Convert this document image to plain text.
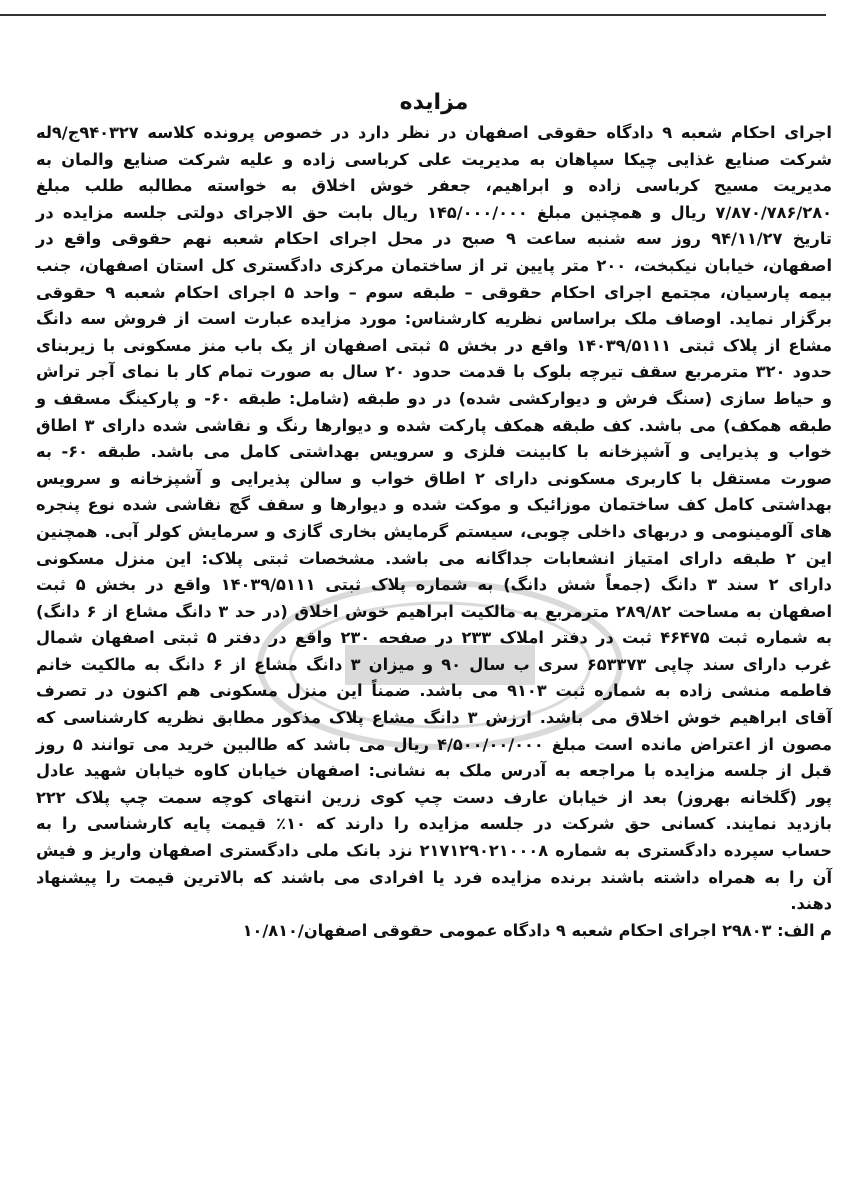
مزایده

اجرای احکام شعبه ۹ دادگاه حقوقی اصفهان در نظر دارد در خصوص پرونده کلاسه ۹۴۰۳۲۷ج/۹له شرکت صنایع غذایی چیکا سپاهان به مدیریت علی کرباسی زاده و علیه شرکت صنایع والمان به مدیریت مسیح کرباسی زاده و ابراهیم، جعفر خوش اخلاق به خواسته مطالبه طلب مبلغ ۷/۸۷۰/۷۸۶/۲۸۰ ریال و همچنین مبلغ ۱۴۵/۰۰۰/۰۰۰ ریال بابت حق الاجرای دولتی جلسه مزایده در تاریخ ۹۴/۱۱/۲۷ روز سه شنبه ساعت ۹ صبح در محل اجرای احکام شعبه نهم حقوقی واقع در اصفهان، خیابان نیکبخت، ۲۰۰ متر پایین تر از ساختمان مرکزی دادگستری کل استان اصفهان، جنب بیمه پارسیان، مجتمع اجرای احکام حقوقی – طبقه سوم – واحد ۵ اجرای احکام شعبه ۹ حقوقی برگزار نماید. اوصاف ملک براساس نظریه کارشناس: مورد مزایده عبارت است از فروش سه دانگ مشاع از پلاک ثبتی ۱۴۰۳۹/۵۱۱۱ واقع در بخش ۵ ثبتی اصفهان از یک باب منز مسکونی با زیربنای حدود ۳۲۰ مترمربع سقف تیرچه بلوک با قدمت حدود ۲۰ سال به صورت تمام کار با نمای آجر تراش و حیاط سازی (سنگ فرش و دیوارکشی شده) در دو طبقه (شامل: طبقه ۶۰- و پارکینگ مسقف و طبقه همکف) می باشد. کف طبقه همکف پارکت شده و دیوارها رنگ و نقاشی شده دارای ۳ اطاق خواب و پذیرایی و آشپزخانه با کابینت فلزی و سرویس بهداشتی کامل می باشد. طبقه ۶۰- به صورت مستقل با کاربری مسکونی دارای ۲ اطاق خواب و سالن پذیرایی و آشپزخانه و سرویس بهداشتی کامل کف ساختمان موزائیک و موکت شده و دیوارها و سقف گچ نقاشی شده نوع پنجره های آلومینومی و دربهای داخلی چوبی، سیستم گرمایش بخاری گازی و سرمایش کولر آبی. همچنین این ۲ طبقه دارای امتیاز انشعابات جداگانه می باشد. مشخصات ثبتی پلاک: این منزل مسکونی دارای ۲ سند ۳ دانگ (جمعاً شش دانگ) به شماره پلاک ثبتی ۱۴۰۳۹/۵۱۱۱ واقع در بخش ۵ ثبت اصفهان به مساحت ۲۸۹/۸۲ مترمربع به مالکیت ابراهیم خوش اخلاق (در حد ۳ دانگ مشاع از ۶ دانگ) به شماره ثبت ۴۶۴۷۵ ثبت در دفتر املاک ۲۳۳ در صفحه ۲۳۰ واقع در دفتر ۵ ثبتی اصفهان شمال غرب دارای سند چاپی ۶۵۳۳۷۳ سری ب سال ۹۰ و میزان ۳ دانگ مشاع از ۶ دانگ به مالکیت خانم فاطمه منشی زاده به شماره ثبت ۹۱۰۳ می باشد. ضمناً این منزل مسکونی هم اکنون در تصرف آقای ابراهیم خوش اخلاق می باشد. ارزش ۳ دانگ مشاع پلاک مذکور مطابق نظریه کارشناسی که مصون از اعتراض مانده است مبلغ ۴/۵۰۰/۰۰/۰۰۰ ریال می باشد که طالبین خرید می توانند ۵ روز قبل از جلسه مزایده با مراجعه به آدرس ملک به نشانی: اصفهان خیابان کاوه خیابان شهید عادل پور (گلخانه بهروز) بعد از خیابان عارف دست چپ کوی زرین انتهای کوچه سمت چپ پلاک ۲۲۲ بازدید نمایند. کسانی حق شرکت در جلسه مزایده را دارند که ۱۰٪ قیمت پایه کارشناسی را به حساب سپرده دادگستری به شماره ۲۱۷۱۲۹۰۲۱۰۰۰۸ نزد بانک ملی دادگستری اصفهان واریز و فیش آن را به همراه داشته باشند برنده مزایده فرد یا افرادی می باشند که بالاترین قیمت را پیشنهاد دهند.

م الف: ۲۹۸۰۳ اجرای احکام شعبه ۹ دادگاه عمومی حقوقی اصفهان/۱۰/۸۱۰
